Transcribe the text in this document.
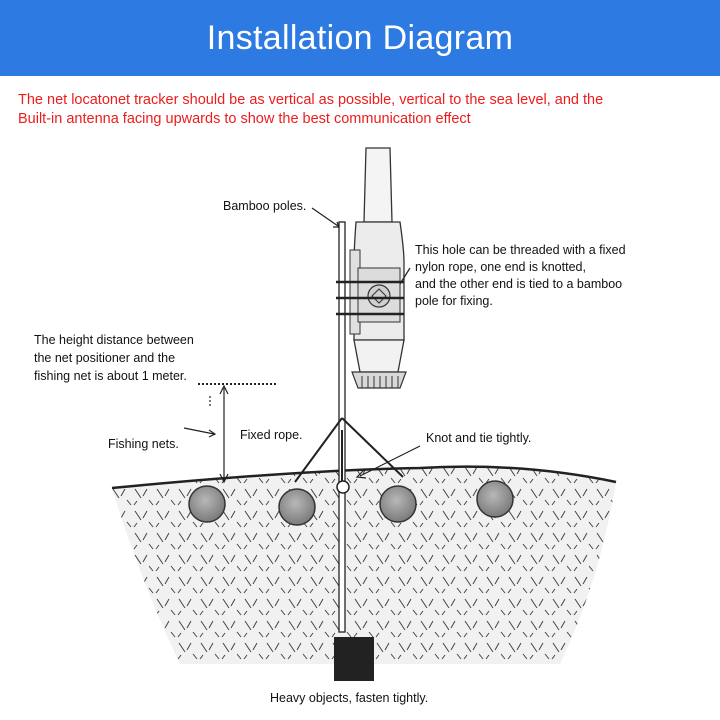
Installation Diagram
The net locatonet tracker should be as vertical as possible, vertical to the sea level, and the
Built-in antenna facing upwards to show the best communication effect
Bamboo poles.
This hole can be threaded with a fixed
nylon rope, one end is knotted,
and the other end is tied to a bamboo
pole for fixing.
The height distance between
the net positioner and the
fishing net is about 1 meter.
Fishing nets.
Fixed rope.	Knot and tie tightly.
Heavy objects, fasten tightly.
